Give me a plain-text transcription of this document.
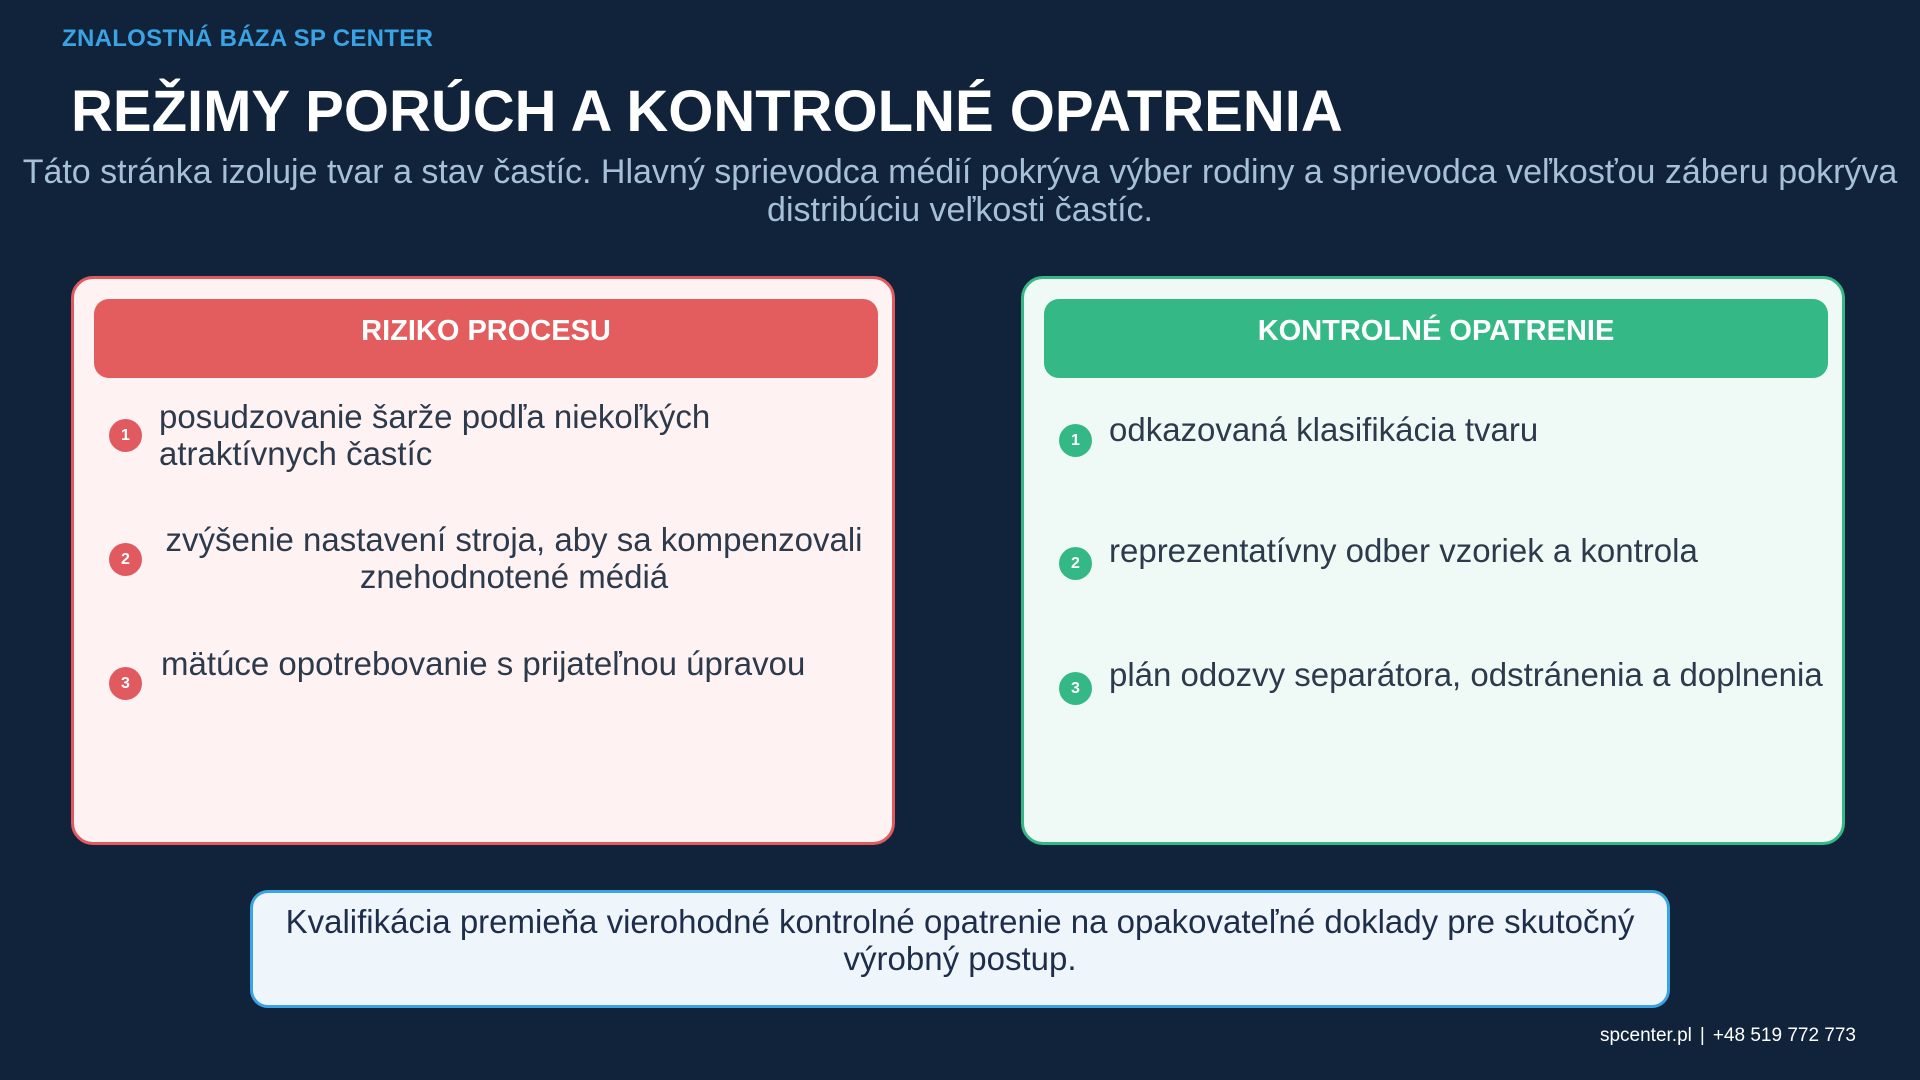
ZNALOSTNÁ BÁZA SP CENTER
REŽIMY PORÚCH A KONTROLNÉ OPATRENIA
Táto stránka izoluje tvar a stav častíc. Hlavný sprievodca médií pokrýva výber rodiny a sprievodca veľkosťou záberu pokrýva distribúciu veľkosti častíc.
RIZIKO PROCESU
1
posudzovanie šarže podľa niekoľkých atraktívnych častíc
2
zvýšenie nastavení stroja, aby sa kompenzovali znehodnotené médiá
3
mätúce opotrebovanie s prijateľnou úpravou
KONTROLNÉ OPATRENIE
1 odkazovaná klasifikácia tvaru
2 reprezentatívny odber vzoriek a kontrola
3 plán odozvy separátora, odstránenia a doplnenia
Kvalifikácia premieňa vierohodné kontrolné opatrenie na opakovateľné doklady pre skutočný výrobný postup.
spcenter.pl | +48 519 772 773
